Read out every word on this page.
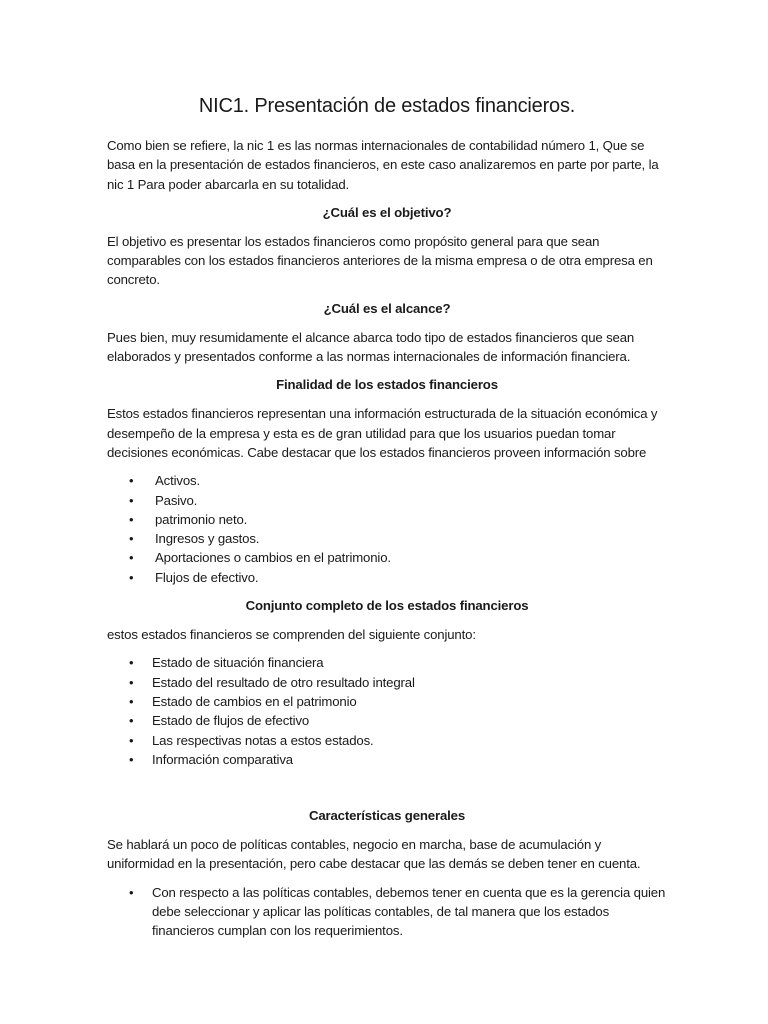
NIC1. Presentación de estados financieros.

Como bien se refiere, la nic 1 es las normas internacionales de contabilidad número 1, Que se basa en la presentación de estados financieros, en este caso analizaremos en parte por parte, la nic 1 Para poder abarcarla en su totalidad.

¿Cuál es el objetivo?

El objetivo es presentar los estados financieros como propósito general para que sean comparables con los estados financieros anteriores de la misma empresa o de otra empresa en concreto.

¿Cuál es el alcance?

Pues bien, muy resumidamente el alcance abarca todo tipo de estados financieros que sean elaborados y presentados conforme a las normas internacionales de información financiera.

Finalidad de los estados financieros

Estos estados financieros representan una información estructurada de la situación económica y desempeño de la empresa y esta es de gran utilidad para que los usuarios puedan tomar decisiones económicas. Cabe destacar que los estados financieros proveen información sobre

• Activos.
• Pasivo.
• patrimonio neto.
• Ingresos y gastos.
• Aportaciones o cambios en el patrimonio.
• Flujos de efectivo.
Conjunto completo de los estados financieros

estos estados financieros se comprenden del siguiente conjunto:

• Estado de situación financiera
• Estado del resultado de otro resultado integral
• Estado de cambios en el patrimonio
• Estado de flujos de efectivo
• Las respectivas notas a estos estados.
• Información comparativa
Características generales

Se hablará un poco de políticas contables, negocio en marcha, base de acumulación y uniformidad en la presentación, pero cabe destacar que las demás se deben tener en cuenta.

• Con respecto a las políticas contables, debemos tener en cuenta que es la gerencia quien debe seleccionar y aplicar las políticas contables, de tal manera que los estados financieros cumplan con los requerimientos.
